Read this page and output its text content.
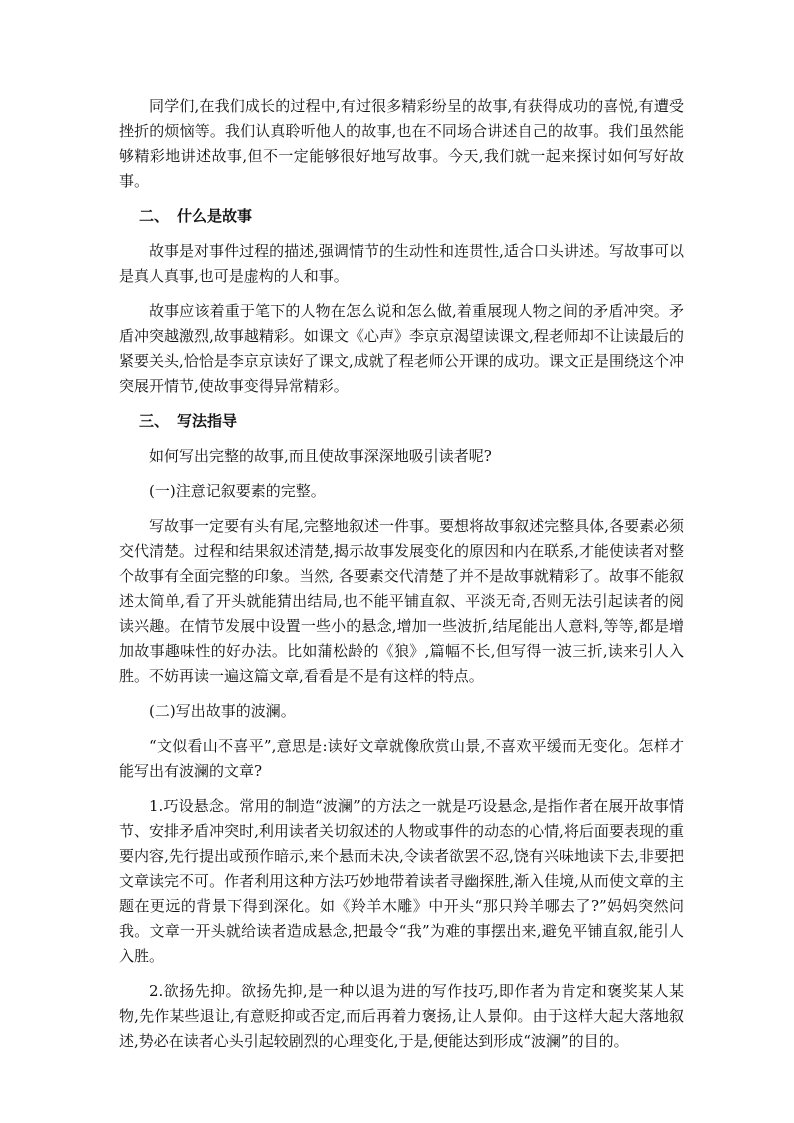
同学们,在我们成长的过程中,有过很多精彩纷呈的故事,有获得成功的喜悦,有遭受挫折的烦恼等。我们认真聆听他人的故事,也在不同场合讲述自己的故事。我们虽然能够精彩地讲述故事,但不一定能够很好地写故事。今天,我们就一起来探讨如何写好故事。

二、 什么是故事

故事是对事件过程的描述,强调情节的生动性和连贯性,适合口头讲述。写故事可以是真人真事,也可是虚构的人和事。

故事应该着重于笔下的人物在怎么说和怎么做,着重展现人物之间的矛盾冲突。矛盾冲突越激烈,故事越精彩。如课文《心声》李京京渴望读课文,程老师却不让读最后的紧要关头,恰恰是李京京读好了课文,成就了程老师公开课的成功。课文正是围绕这个冲突展开情节,使故事变得异常精彩。

三、 写法指导

如何写出完整的故事,而且使故事深深地吸引读者呢?

(一)注意记叙要素的完整。

写故事一定要有头有尾,完整地叙述一件事。要想将故事叙述完整具体,各要素必须交代清楚。过程和结果叙述清楚,揭示故事发展变化的原因和内在联系,才能使读者对整个故事有全面完整的印象。当然, 各要素交代清楚了并不是故事就精彩了。故事不能叙述太简单,看了开头就能猜出结局,也不能平铺直叙、平淡无奇,否则无法引起读者的阅读兴趣。在情节发展中设置一些小的悬念,增加一些波折,结尾能出人意料,等等,都是增加故事趣味性的好办法。比如蒲松龄的《狼》,篇幅不长,但写得一波三折,读来引人入胜。不妨再读一遍这篇文章,看看是不是有这样的特点。

(二)写出故事的波澜。

“文似看山不喜平”,意思是:读好文章就像欣赏山景,不喜欢平缓而无变化。怎样才能写出有波澜的文章?

1.巧设悬念。常用的制造“波澜”的方法之一就是巧设悬念,是指作者在展开故事情节、安排矛盾冲突时,利用读者关切叙述的人物或事件的动态的心情,将后面要表现的重要内容,先行提出或预作暗示,来个悬而未决,令读者欲罢不忍,饶有兴味地读下去,非要把文章读完不可。作者利用这种方法巧妙地带着读者寻幽探胜,渐入佳境,从而使文章的主题在更远的背景下得到深化。如《羚羊木雕》中开头“那只羚羊哪去了?”妈妈突然问我。文章一开头就给读者造成悬念,把最令“我”为难的事摆出来,避免平铺直叙,能引人入胜。

2.欲扬先抑。欲扬先抑,是一种以退为进的写作技巧,即作者为肯定和褒奖某人某物,先作某些退让,有意贬抑或否定,而后再着力褒扬,让人景仰。由于这样大起大落地叙述,势必在读者心头引起较剧烈的心理变化,于是,便能达到形成“波澜”的目的。
